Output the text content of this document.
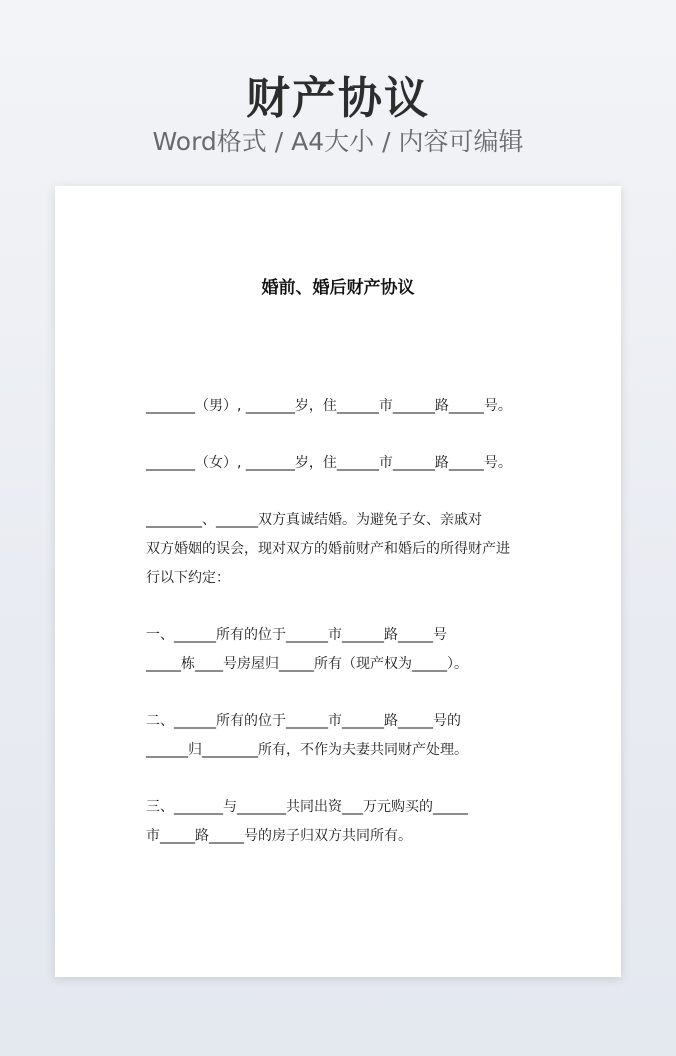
财产协议
Word格式 / A4大小 / 内容可编辑
婚前、婚后财产协议
_______（男）, _______岁，住______市______路_____号。
_______（女）, _______岁，住______市______路_____号。
________、______双方真诚结婚。为避免子女、亲戚对
双方婚姻的误会，现对双方的婚前财产和婚后的所得财产进
行以下约定：
一、______所有的位于______市______路_____号
_____栋____号房屋归_____所有（现产权为_____）。
二、______所有的位于______市______路_____号的
______归________所有，不作为夫妻共同财产处理。
三、_______与_______共同出资___万元购买的_____
市_____路_____号的房子归双方共同所有。
